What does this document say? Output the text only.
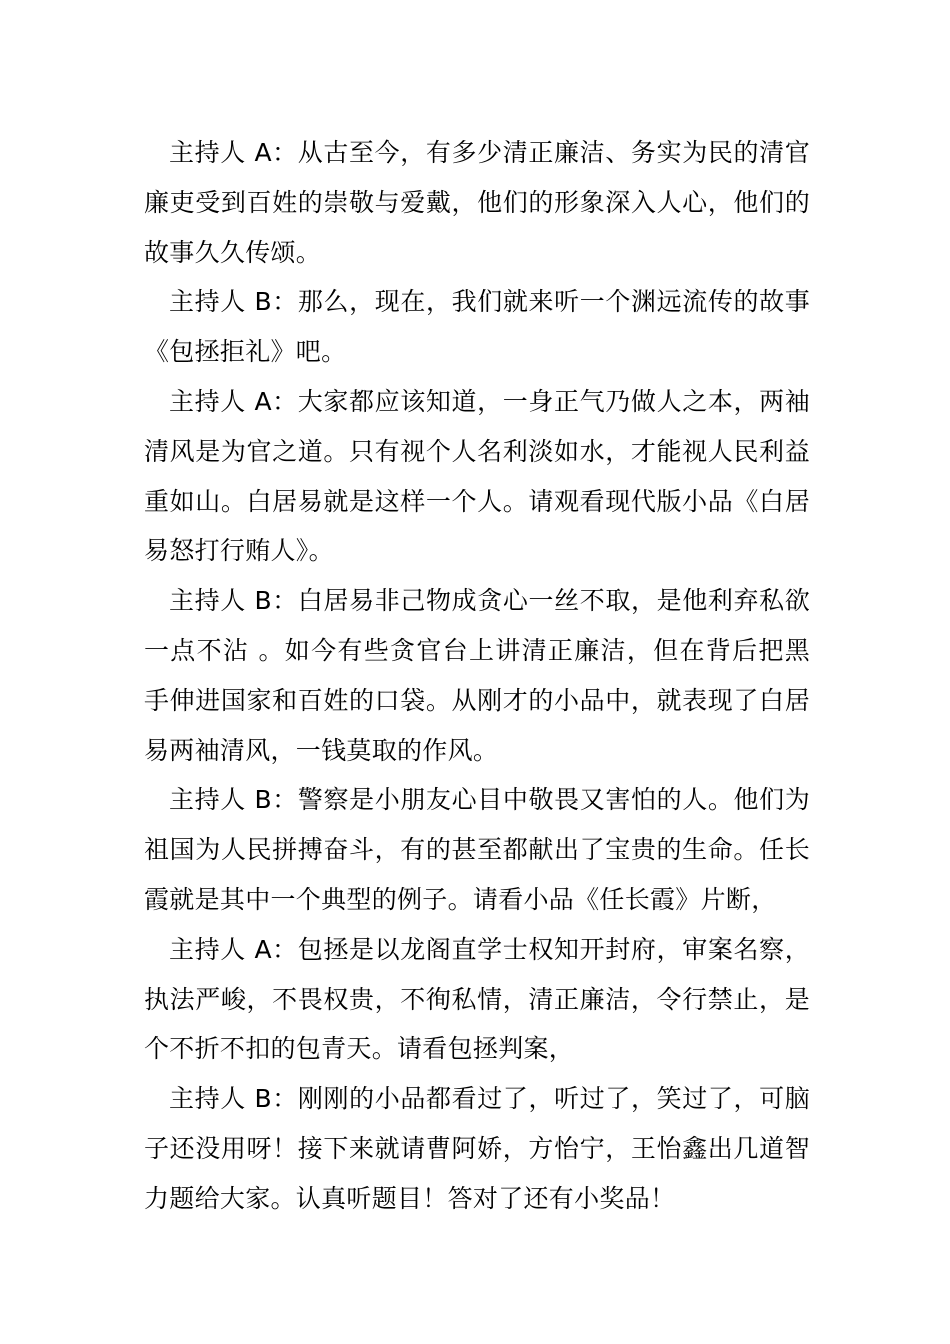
主持人 A：从古至今，有多少清正廉洁、务实为民的清官廉吏受到百姓的崇敬与爱戴，他们的形象深入人心，他们的故事久久传颂。

主持人 B：那么，现在，我们就来听一个渊远流传的故事《包拯拒礼》吧。

主持人 A：大家都应该知道，一身正气乃做人之本，两袖清风是为官之道。只有视个人名利淡如水，才能视人民利益重如山。白居易就是这样一个人。请观看现代版小品《白居易怒打行贿人》。

主持人 B：白居易非己物成贪心一丝不取，是他利弃私欲一点不沾 。如今有些贪官台上讲清正廉洁，但在背后把黑手伸进国家和百姓的口袋。从刚才的小品中，就表现了白居易两袖清风，一钱莫取的作风。

主持人 B：警察是小朋友心目中敬畏又害怕的人。他们为祖国为人民拼搏奋斗，有的甚至都献出了宝贵的生命。任长霞就是其中一个典型的例子。请看小品《任长霞》片断，

主持人 A：包拯是以龙阁直学士权知开封府，审案名察，执法严峻，不畏权贵，不徇私情，清正廉洁，令行禁止，是个不折不扣的包青天。请看包拯判案，

主持人 B：刚刚的小品都看过了，听过了，笑过了，可脑子还没用呀！接下来就请曹阿娇，方怡宁，王怡鑫出几道智力题给大家。认真听题目！答对了还有小奖品！
